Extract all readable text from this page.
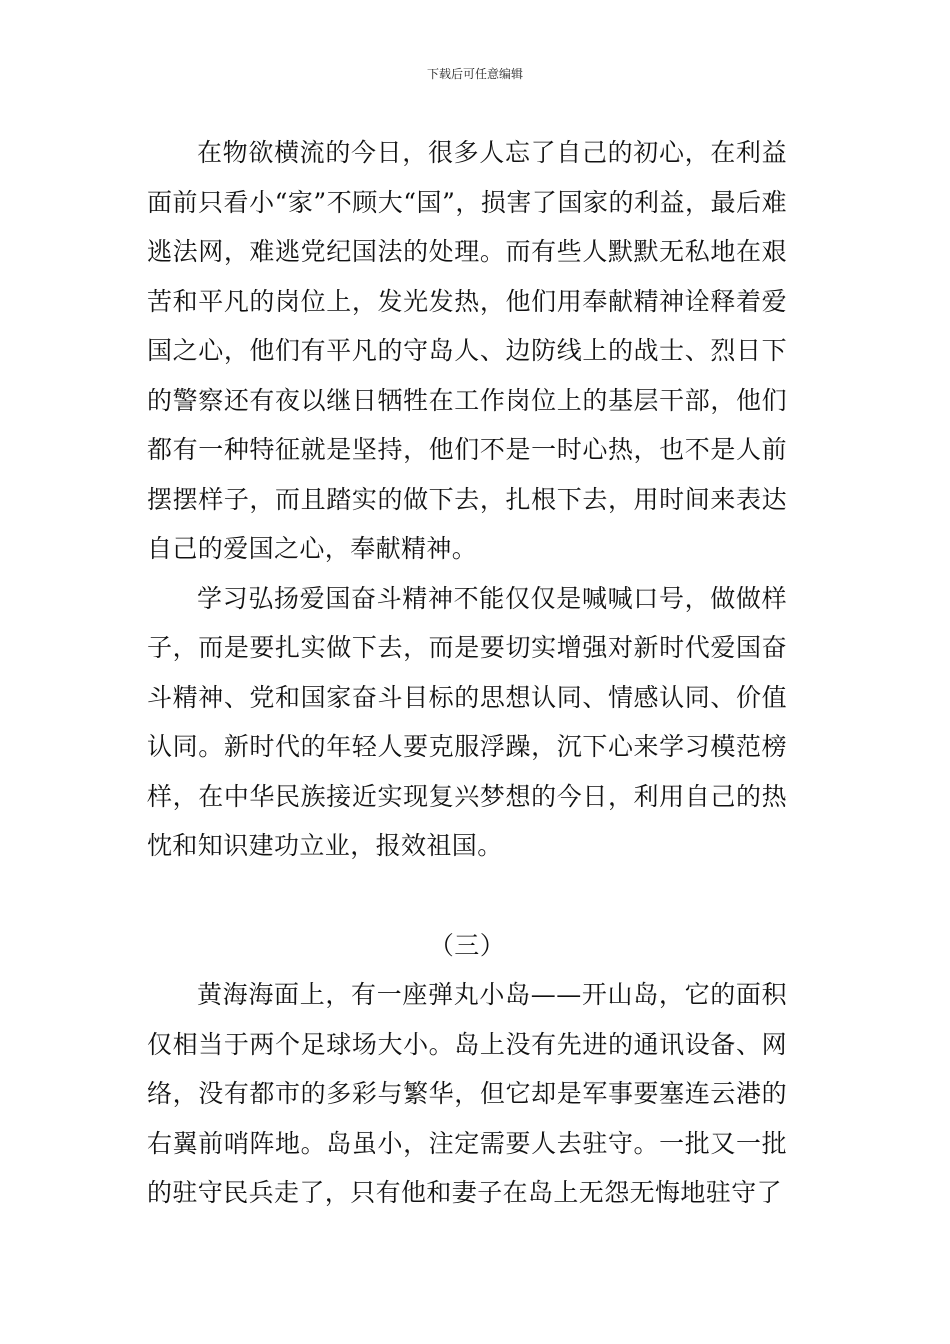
下载后可任意编辑

在物欲横流的今日，很多人忘了自己的初心，在利益面前只看小“家”不顾大“国”，损害了国家的利益，最后难逃法网，难逃党纪国法的处理。而有些人默默无私地在艰苦和平凡的岗位上，发光发热，他们用奉献精神诠释着爱国之心，他们有平凡的守岛人、边防线上的战士、烈日下的警察还有夜以继日牺牲在工作岗位上的基层干部，他们都有一种特征就是坚持，他们不是一时心热，也不是人前摆摆样子，而且踏实的做下去，扎根下去，用时间来表达自己的爱国之心，奉献精神。

学习弘扬爱国奋斗精神不能仅仅是喊喊口号，做做样子，而是要扎实做下去，而是要切实增强对新时代爱国奋斗精神、党和国家奋斗目标的思想认同、情感认同、价值认同。新时代的年轻人要克服浮躁，沉下心来学习模范榜样，在中华民族接近实现复兴梦想的今日，利用自己的热忱和知识建功立业，报效祖国。

（三）

黄海海面上，有一座弹丸小岛——开山岛，它的面积仅相当于两个足球场大小。岛上没有先进的通讯设备、网络，没有都市的多彩与繁华，但它却是军事要塞连云港的右翼前哨阵地。岛虽小，注定需要人去驻守。一批又一批的驻守民兵走了，只有他和妻子在岛上无怨无悔地驻守了
